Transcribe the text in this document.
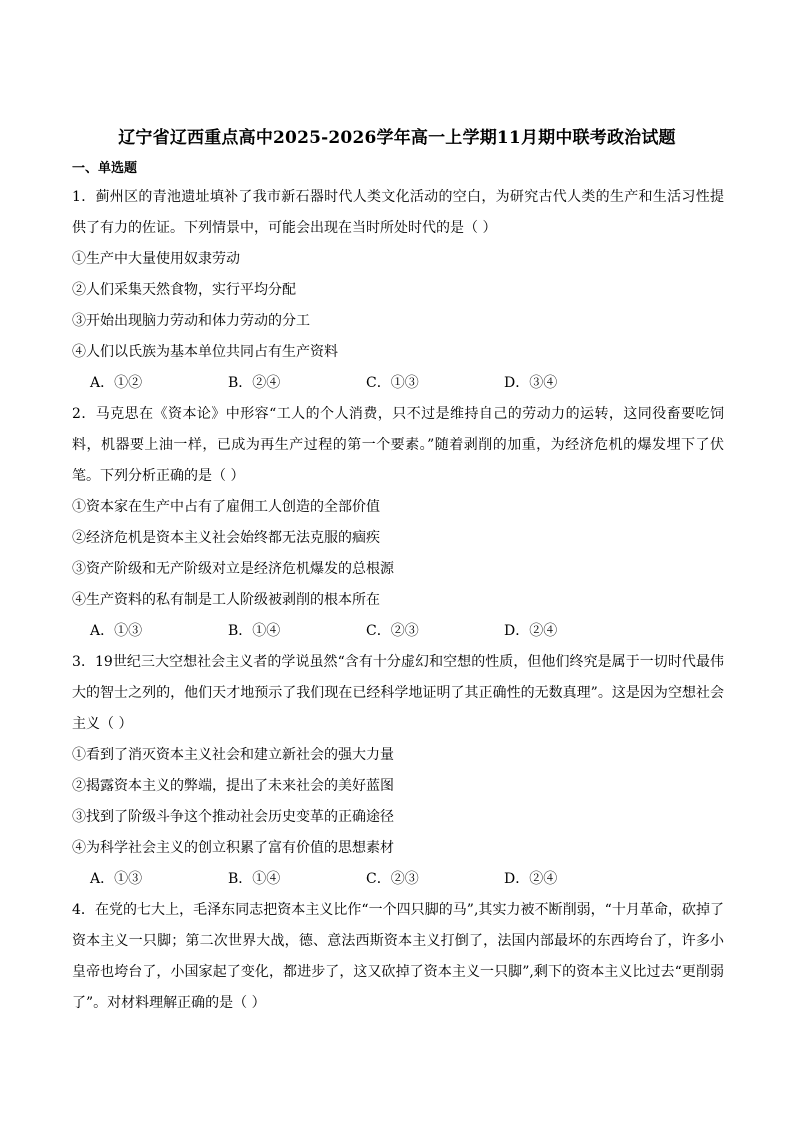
辽宁省辽西重点高中2025-2026学年高一上学期11月期中联考政治试题
一、单选题
1．蓟州区的青池遗址填补了我市新石器时代人类文化活动的空白，为研究古代人类的生产和生活习性提供了有力的佐证。下列情景中，可能会出现在当时所处时代的是（ ）
①生产中大量使用奴隶劳动
②人们采集天然食物，实行平均分配
③开始出现脑力劳动和体力劳动的分工
④人们以氏族为基本单位共同占有生产资料
A．①②	B．②④	C．①③	D．③④
2．马克思在《资本论》中形容“工人的个人消费，只不过是维持自己的劳动力的运转，这同役畜要吃饲料，机器要上油一样，已成为再生产过程的第一个要素。”随着剥削的加重，为经济危机的爆发埋下了伏笔。下列分析正确的是（ ）
①资本家在生产中占有了雇佣工人创造的全部价值
②经济危机是资本主义社会始终都无法克服的痼疾
③资产阶级和无产阶级对立是经济危机爆发的总根源
④生产资料的私有制是工人阶级被剥削的根本所在
A．①③	B．①④	C．②③	D．②④
3．19世纪三大空想社会主义者的学说虽然“含有十分虚幻和空想的性质，但他们终究是属于一切时代最伟大的智士之列的，他们天才地预示了我们现在已经科学地证明了其正确性的无数真理”。这是因为空想社会主义（ ）
①看到了消灭资本主义社会和建立新社会的强大力量
②揭露资本主义的弊端，提出了未来社会的美好蓝图
③找到了阶级斗争这个推动社会历史变革的正确途径
④为科学社会主义的创立积累了富有价值的思想素材
A．①③	B．①④	C．②③	D．②④
4．在党的七大上，毛泽东同志把资本主义比作“一个四只脚的马”,其实力被不断削弱，“十月革命，砍掉了资本主义一只脚；第二次世界大战，德、意法西斯资本主义打倒了，法国内部最坏的东西垮台了，许多小皇帝也垮台了，小国家起了变化，都进步了，这又砍掉了资本主义一只脚”,剩下的资本主义比过去“更削弱了”。对材料理解正确的是（ ）
